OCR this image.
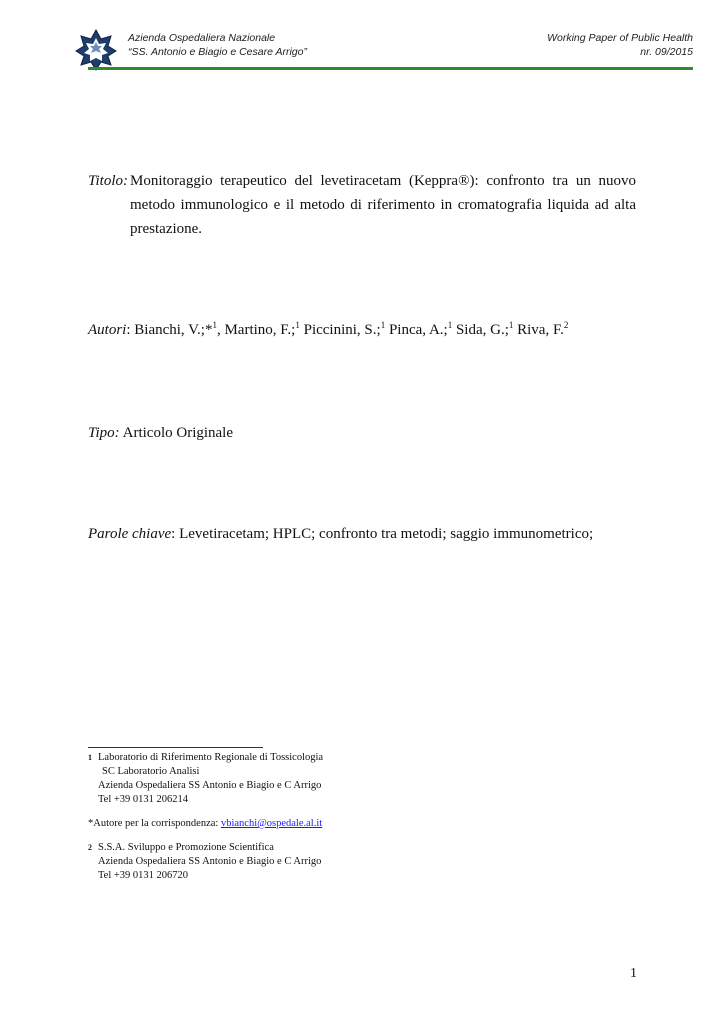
Azienda Ospedaliera Nazionale
“SS. Antonio e Biagio e Cesare Arrigo”
Working Paper of Public Health
nr. 09/2015
Titolo: Monitoraggio terapeutico del levetiracetam (Keppra®): confronto tra un nuovo metodo immunologico e il metodo di riferimento in cromatografia liquida ad alta prestazione.
Autori: Bianchi, V.;*$^1$, Martino, F.;$^1$ Piccinini, S.;$^1$ Pinca, A.;$^1$ Sida, G.;$^1$ Riva, F.$^2$
Tipo: Articolo Originale
Parole chiave: Levetiracetam; HPLC; confronto tra metodi; saggio immunometrico;
1 Laboratorio di Riferimento Regionale di Tossicologia
SC Laboratorio Analisi
Azienda Ospedaliera SS Antonio e Biagio e C Arrigo
Tel +39 0131 206214
*Autore per la corrispondenza: vbianchi@ospedale.al.it
2 S.S.A. Sviluppo e Promozione Scientifica
Azienda Ospedaliera SS Antonio e Biagio e C Arrigo
Tel +39 0131 206720
1
